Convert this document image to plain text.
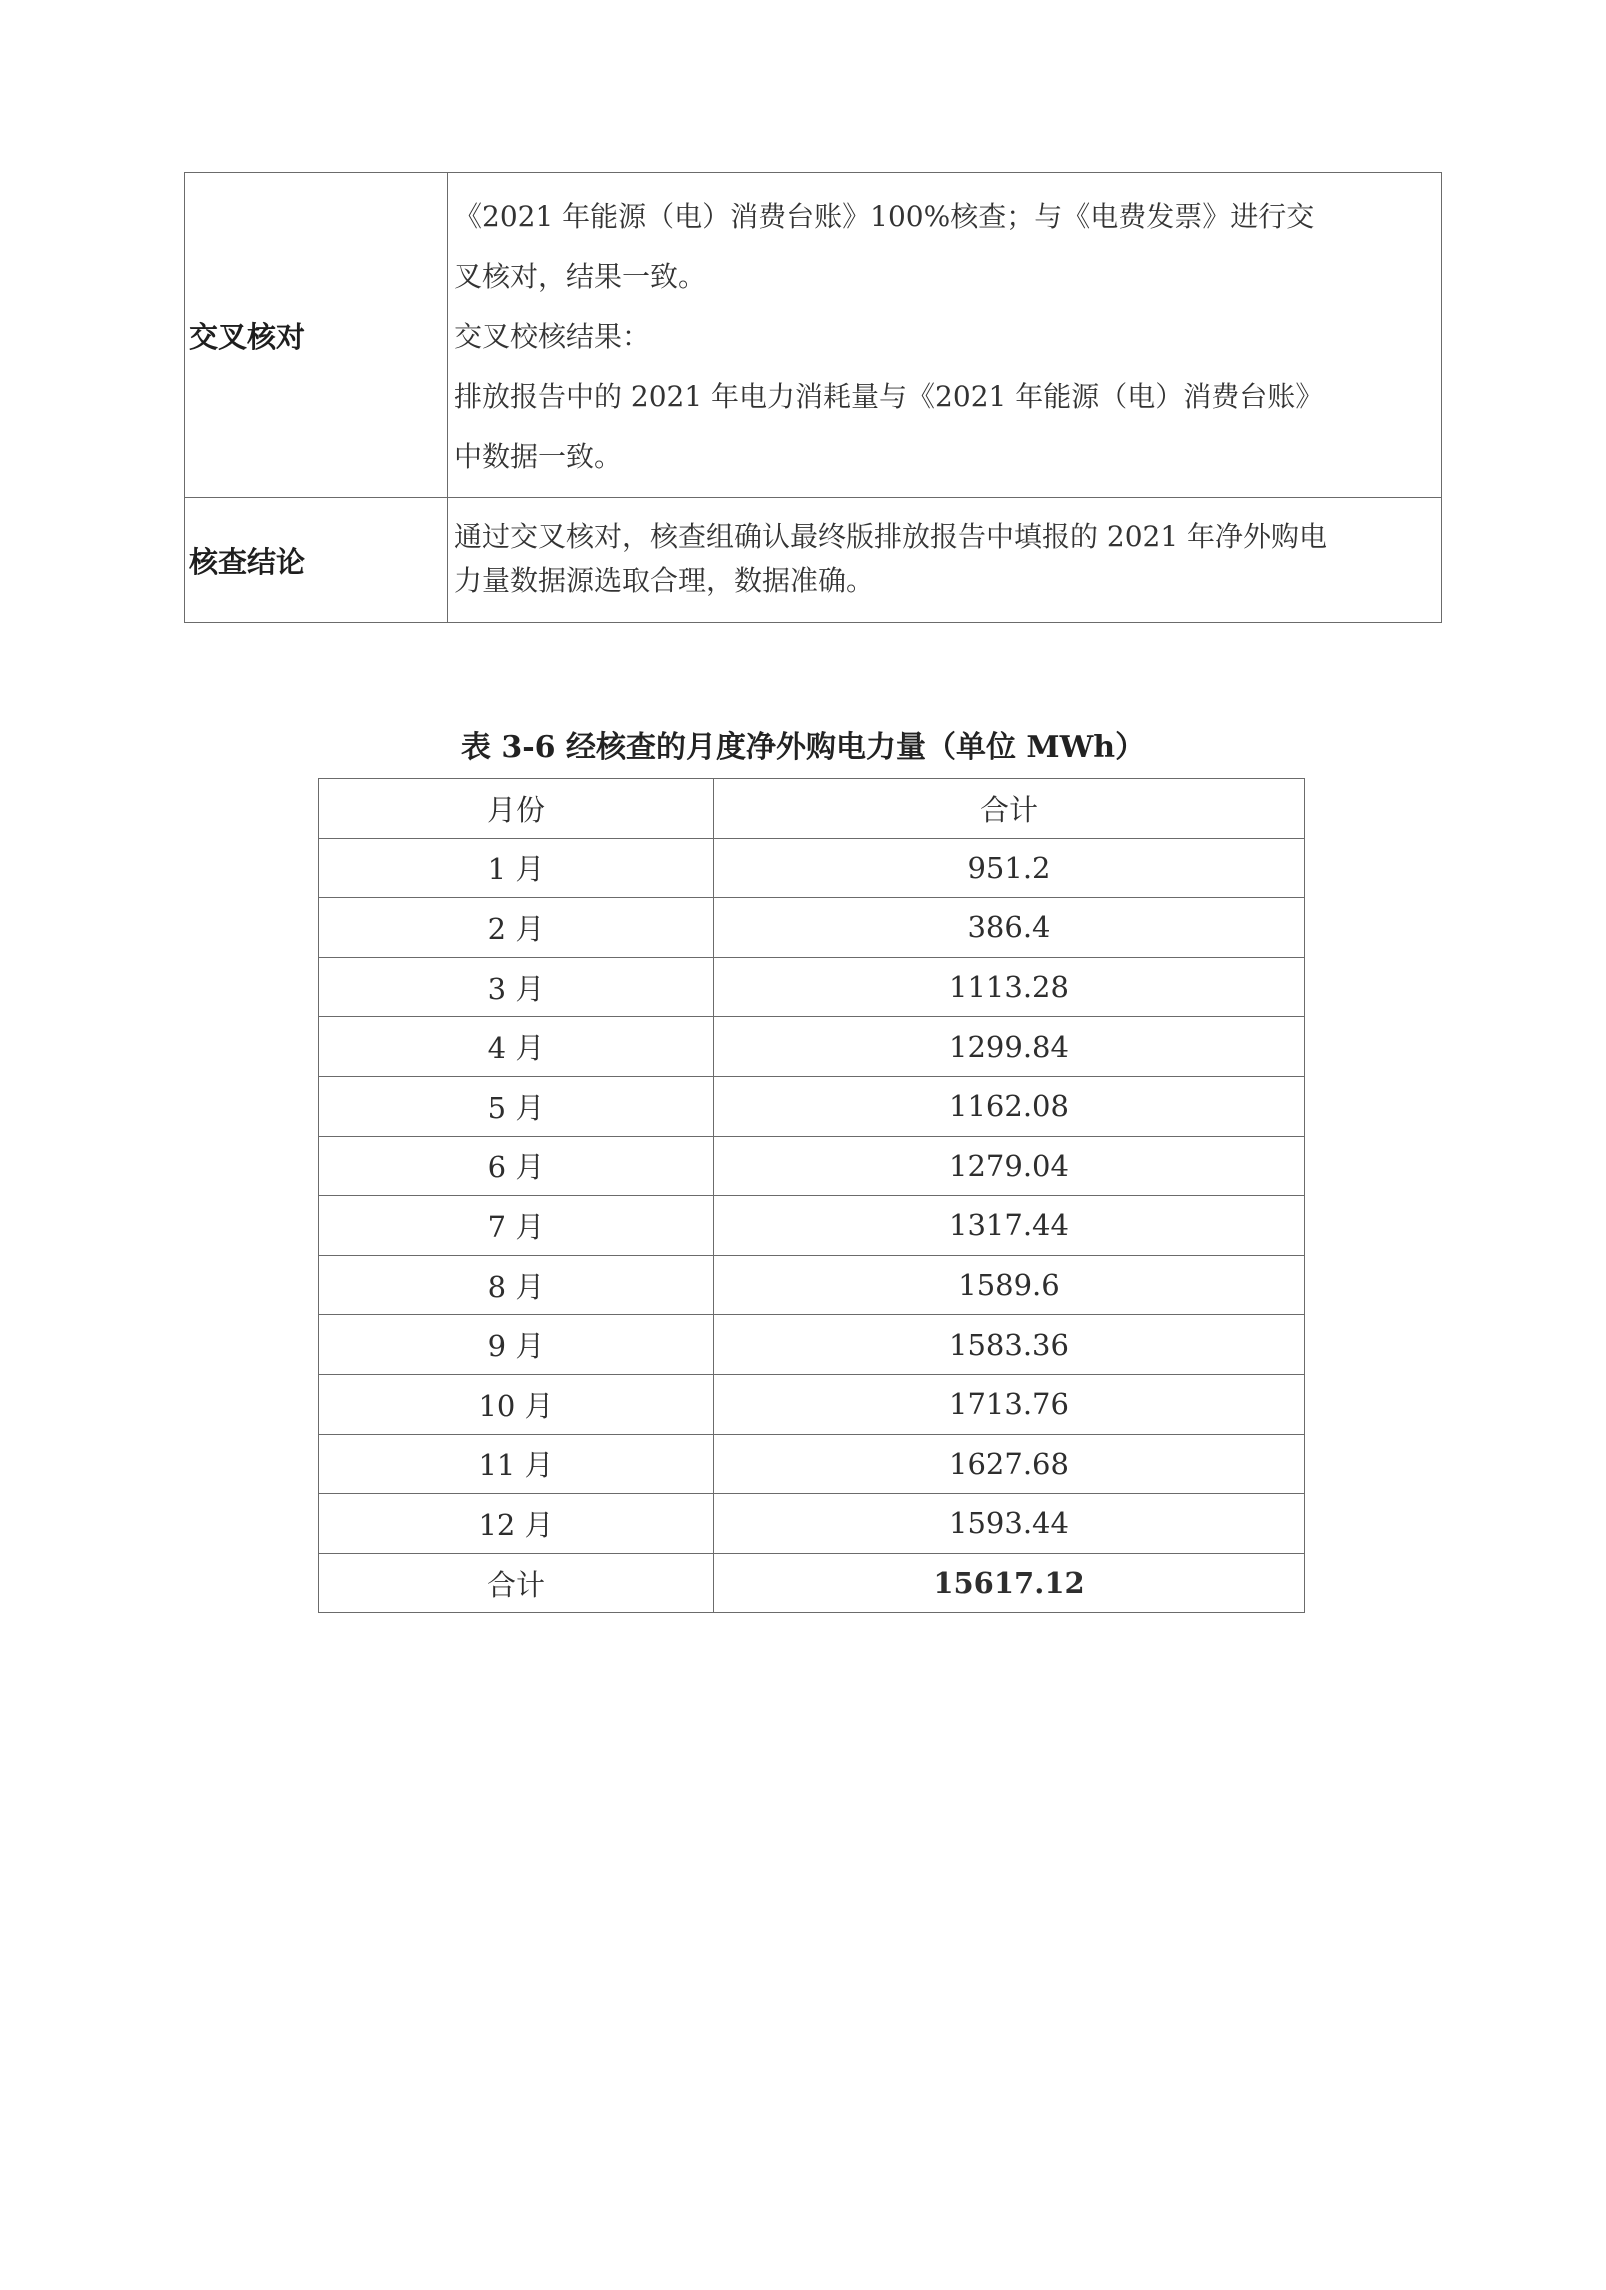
交叉核对	《2021 年能源（电）消费台账》100%核查；与《电费发票》进行交
叉核对，结果一致。
交叉校核结果：
排放报告中的 2021 年电力消耗量与《2021 年能源（电）消费台账》
中数据一致。

核查结论	通过交叉核对，核查组确认最终版排放报告中填报的 2021 年净外购电
力量数据源选取合理，数据准确。
表 3-6 经核查的月度净外购电力量（单位 MWh）
月份	合计
1 月	951.2
2 月	386.4
3 月	1113.28
4 月	1299.84
5 月	1162.08
6 月	1279.04
7 月	1317.44
8 月	1589.6
9 月	1583.36
10 月	1713.76
11 月	1627.68
12 月	1593.44
合计	15617.12
